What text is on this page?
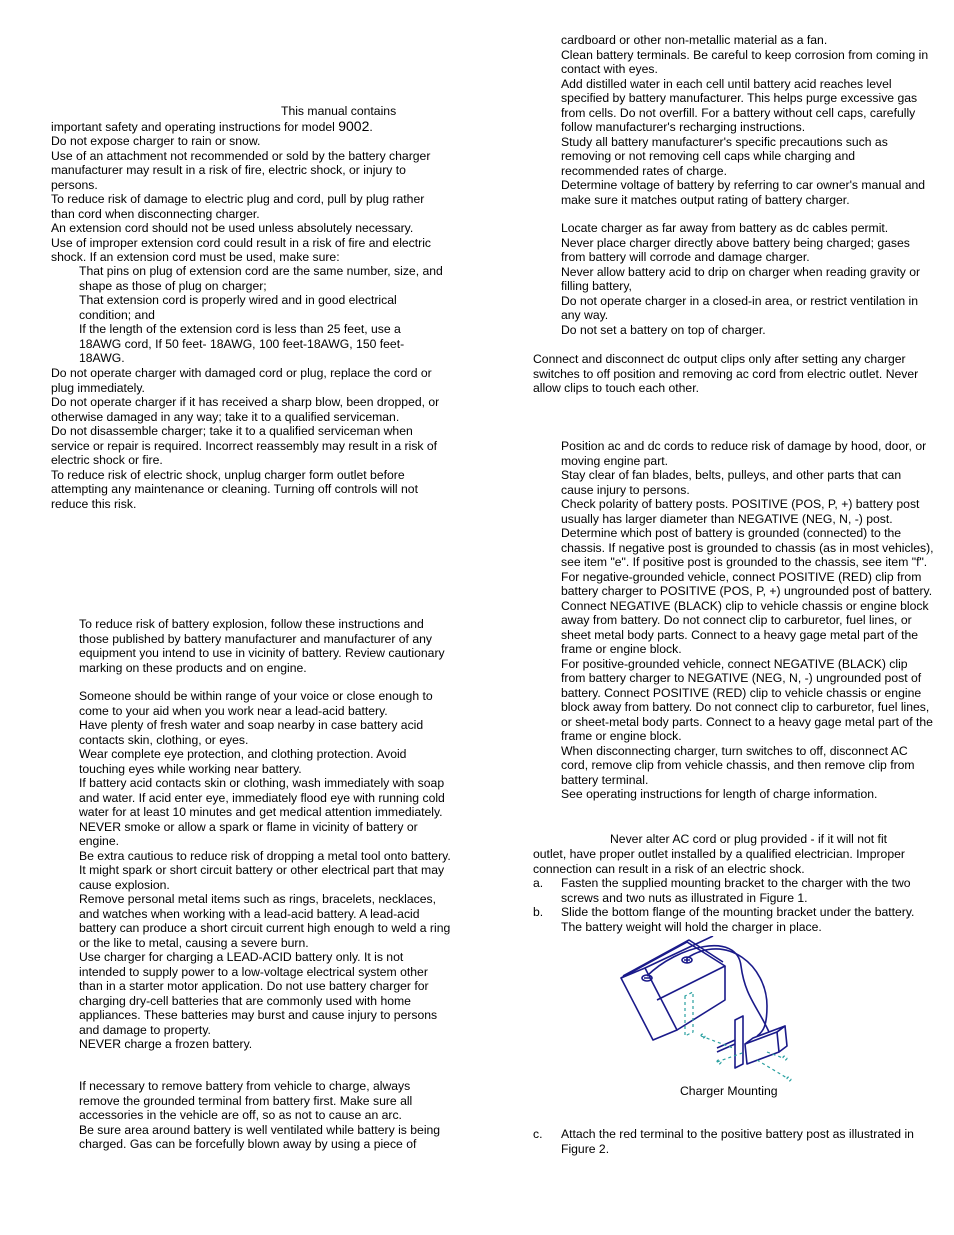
This manual contains
important safety and operating instructions for model 9002.

Do not expose charger to rain or snow.

Use of an attachment not recommended or sold by the battery charger manufacturer may result in a risk of fire, electric shock, or injury to persons.

To reduce risk of damage to electric plug and cord, pull by plug rather than cord when disconnecting charger.

An extension cord should not be used unless absolutely necessary.

Use of improper extension cord could result in a risk of fire and electric shock. If an extension cord must be used, make sure:

That pins on plug of extension cord are the same number, size, and shape as those of plug on charger;

That extension cord is properly wired and in good electrical condition; and

If the length of the extension cord is less than 25 feet, use a 18AWG cord, If 50 feet- 18AWG, 100 feet-18AWG, 150 feet-18AWG.

Do not operate charger with damaged cord or plug, replace the cord or plug immediately.

Do not operate charger if it has received a sharp blow, been dropped, or otherwise damaged in any way; take it to a qualified serviceman.

Do not disassemble charger; take it to a qualified serviceman when service or repair is required. Incorrect reassembly may result in a risk of electric shock or fire.

To reduce risk of electric shock, unplug charger form outlet before attempting any maintenance or cleaning. Turning off controls will not reduce this risk.

To reduce risk of battery explosion, follow these instructions and those published by battery manufacturer and manufacturer of any equipment you intend to use in vicinity of battery. Review cautionary marking on these products and on engine.

Someone should be within range of your voice or close enough to come to your aid when you work near a lead-acid battery.

Have plenty of fresh water and soap nearby in case battery acid contacts skin, clothing, or eyes.

Wear complete eye protection, and clothing protection. Avoid touching eyes while working near battery.

If battery acid contacts skin or clothing, wash immediately with soap and water. If acid enter eye, immediately flood eye with running cold water for at least 10 minutes and get medical attention immediately.

NEVER smoke or allow a spark or flame in vicinity of battery or engine.

Be extra cautious to reduce risk of dropping a metal tool onto battery. It might spark or short circuit battery or other electrical part that may cause explosion.

Remove personal metal items such as rings, bracelets, necklaces, and watches when working with a lead-acid battery. A lead-acid battery can produce a short circuit current high enough to weld a ring or the like to metal, causing a severe burn.

Use charger for charging a LEAD-ACID battery only. It is not intended to supply power to a low-voltage electrical system other than in a starter motor application. Do not use battery charger for charging dry-cell batteries that are commonly used with home appliances. These batteries may burst and cause injury to persons and damage to property.

NEVER charge a frozen battery.

If necessary to remove battery from vehicle to charge, always remove the grounded terminal from battery first. Make sure all accessories in the vehicle are off, so as not to cause an arc.

Be sure area around battery is well ventilated while battery is being charged. Gas can be forcefully blown away by using a piece of

cardboard or other non-metallic material as a fan.

Clean battery terminals. Be careful to keep corrosion from coming in contact with eyes.

Add distilled water in each cell until battery acid reaches level specified by battery manufacturer. This helps purge excessive gas from cells. Do not overfill. For a battery without cell caps, carefully follow manufacturer's recharging instructions.

Study all battery manufacturer's specific precautions such as removing or not removing cell caps while charging and recommended rates of charge.

Determine voltage of battery by referring to car owner's manual and make sure it matches output rating of battery charger.

Locate charger as far away from battery as dc cables permit.

Never place charger directly above battery being charged; gases from battery will corrode and damage charger.

Never allow battery acid to drip on charger when reading gravity or filling battery,

Do not operate charger in a closed-in area, or restrict ventilation in any way.

Do not set a battery on top of charger.

Connect and disconnect dc output clips only after setting any charger switches to off position and removing ac cord from electric outlet. Never allow clips to touch each other.

Position ac and dc cords to reduce risk of damage by hood, door, or moving engine part.

Stay clear of fan blades, belts, pulleys, and other parts that can cause injury to persons.

Check polarity of battery posts. POSITIVE (POS, P, +) battery post usually has larger diameter than NEGATIVE (NEG, N, -) post.

Determine which post of battery is grounded (connected) to the chassis. If negative post is grounded to chassis (as in most vehicles), see item "e". If positive post is grounded to the chassis, see item "f".

For negative-grounded vehicle, connect POSITIVE (RED) clip from battery charger to POSITIVE (POS, P, +) ungrounded post of battery. Connect NEGATIVE (BLACK) clip to vehicle chassis or engine block away from battery. Do not connect clip to carburetor, fuel lines, or sheet metal body parts. Connect to a heavy gage metal part of the frame or engine block.

For positive-grounded vehicle, connect NEGATIVE (BLACK) clip from battery charger to NEGATIVE (NEG, N, -) ungrounded post of battery. Connect POSITIVE (RED) clip to vehicle chassis or engine block away from battery. Do not connect clip to carburetor, fuel lines, or sheet-metal body parts. Connect to a heavy gage metal part of the frame or engine block.

When disconnecting charger, turn switches to off, disconnect AC cord, remove clip from vehicle chassis, and then remove clip from battery terminal.

See operating instructions for length of charge information.

Never alter AC cord or plug provided - if it will not fit

outlet, have proper outlet installed by a qualified electrician. Improper connection can result in a risk of an electric shock.

a. Fasten the supplied mounting bracket to the charger with the two screws and two nuts as illustrated in Figure 1.
b. Slide the bottom flange of the mounting bracket under the battery. The battery weight will hold the charger in place.
c. Attach the red terminal to the positive battery post as illustrated in Figure 2.
Charger Mounting
